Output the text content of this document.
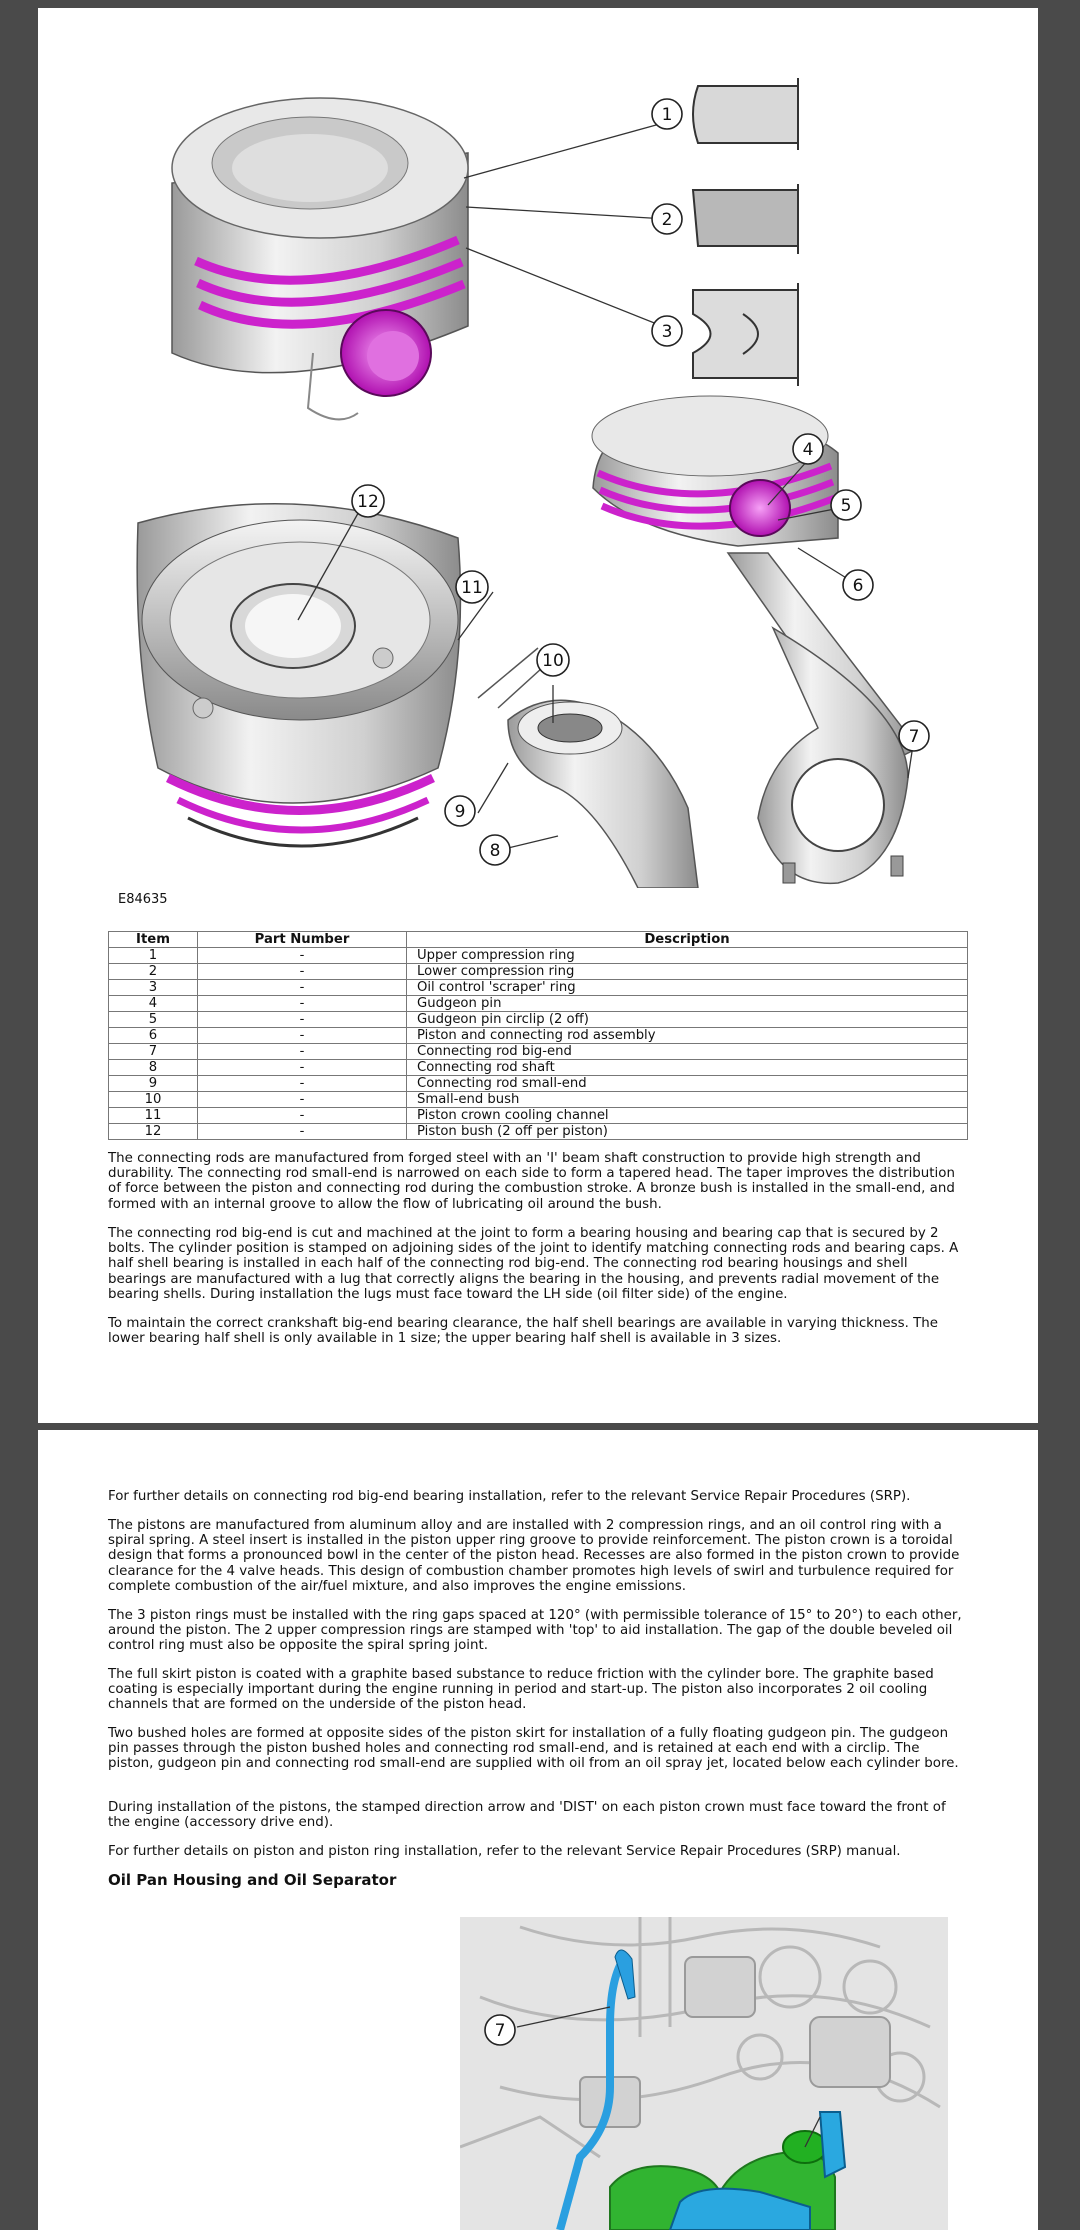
1
2
3
4
5
6
7
8
9
10
11
12
E84635
Item	Part Number	Description
1	-	Upper compression ring
2	-	Lower compression ring
3	-	Oil control 'scraper' ring
4	-	Gudgeon pin
5	-	Gudgeon pin circlip (2 off)
6	-	Piston and connecting rod assembly
7	-	Connecting rod big-end
8	-	Connecting rod shaft
9	-	Connecting rod small-end
10	-	Small-end bush
11	-	Piston crown cooling channel
12	-	Piston bush (2 off per piston)

The connecting rods are manufactured from forged steel with an 'I' beam shaft construction to provide high strength and durability. The connecting rod small-end is narrowed on each side to form a tapered head. The taper improves the distribution of force between the piston and connecting rod during the combustion stroke. A bronze bush is installed in the small-end, and formed with an internal groove to allow the flow of lubricating oil around the bush.

The connecting rod big-end is cut and machined at the joint to form a bearing housing and bearing cap that is secured by 2 bolts. The cylinder position is stamped on adjoining sides of the joint to identify matching connecting rods and bearing caps. A half shell bearing is installed in each half of the connecting rod big-end. The connecting rod bearing housings and shell bearings are manufactured with a lug that correctly aligns the bearing in the housing, and prevents radial movement of the bearing shells. During installation the lugs must face toward the LH side (oil filter side) of the engine.

To maintain the correct crankshaft big-end bearing clearance, the half shell bearings are available in varying thickness. The lower bearing half shell is only available in 1 size; the upper bearing half shell is available in 3 sizes.

For further details on connecting rod big-end bearing installation, refer to the relevant Service Repair Procedures (SRP).

The pistons are manufactured from aluminum alloy and are installed with 2 compression rings, and an oil control ring with a spiral spring. A steel insert is installed in the piston upper ring groove to provide reinforcement. The piston crown is a toroidal design that forms a pronounced bowl in the center of the piston head. Recesses are also formed in the piston crown to provide clearance for the 4 valve heads. This design of combustion chamber promotes high levels of swirl and turbulence required for complete combustion of the air/fuel mixture, and also improves the engine emissions.

The 3 piston rings must be installed with the ring gaps spaced at 120° (with permissible tolerance of 15° to 20°) to each other, around the piston. The 2 upper compression rings are stamped with 'top' to aid installation. The gap of the double beveled oil control ring must also be opposite the spiral spring joint.

The full skirt piston is coated with a graphite based substance to reduce friction with the cylinder bore. The graphite based coating is especially important during the engine running in period and start-up. The piston also incorporates 2 oil cooling channels that are formed on the underside of the piston head.

Two bushed holes are formed at opposite sides of the piston skirt for installation of a fully floating gudgeon pin. The gudgeon pin passes through the piston bushed holes and connecting rod small-end, and is retained at each end with a circlip. The piston, gudgeon pin and connecting rod small-end are supplied with oil from an oil spray jet, located below each cylinder bore.

During installation of the pistons, the stamped direction arrow and 'DIST' on each piston crown must face toward the front of the engine (accessory drive end).

For further details on piston and piston ring installation, refer to the relevant Service Repair Procedures (SRP) manual.

Oil Pan Housing and Oil Separator
7
